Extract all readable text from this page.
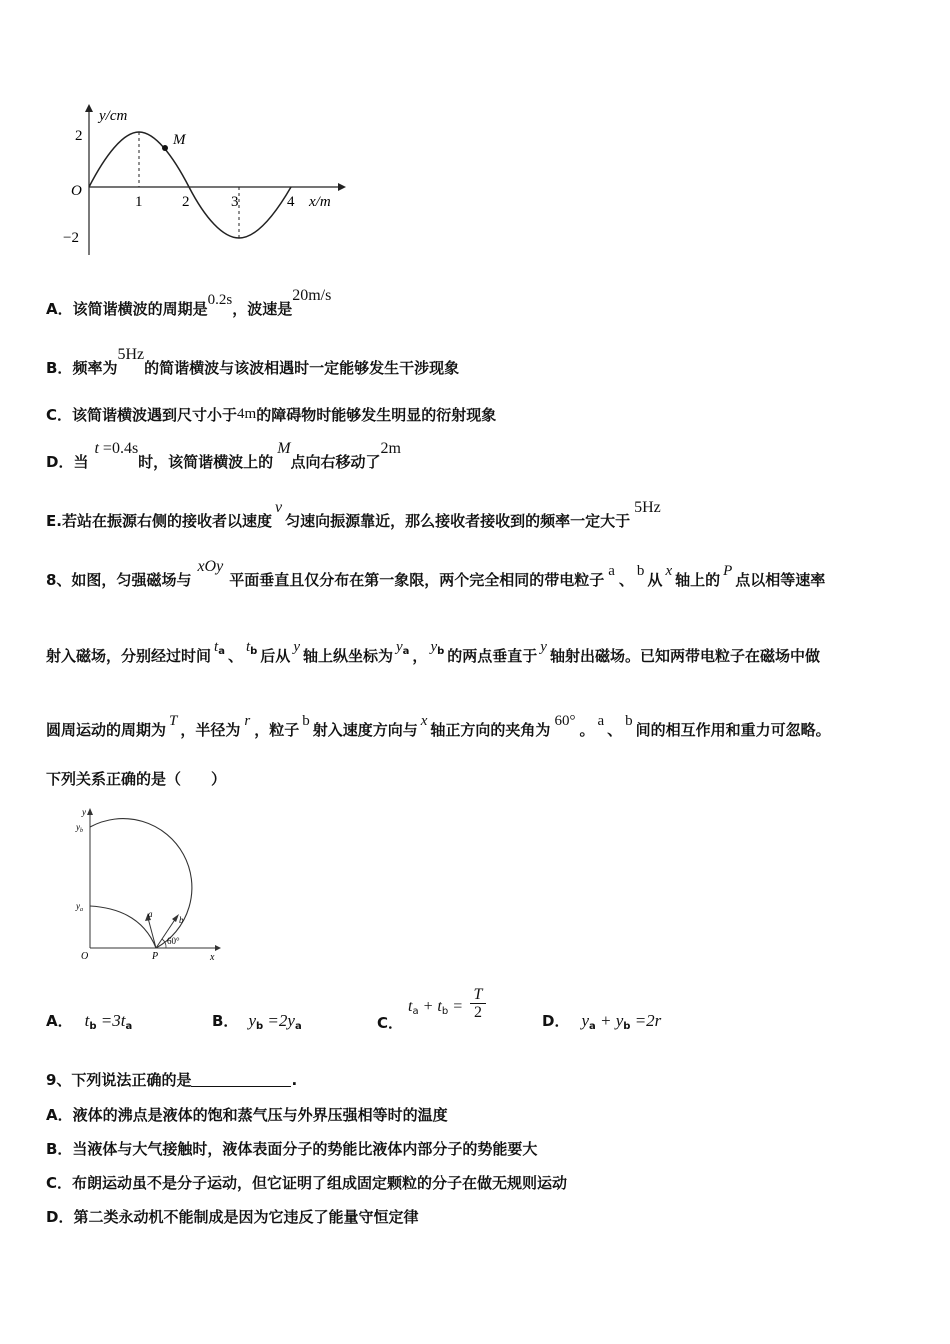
y/cm
x/m
O
M
2
−2
1	2	3	4
A．该简谐横波的周期是0.2s，波速是20m/s
B．频率为5Hz的简谐横波与该波相遇时一定能够发生干涉现象
C．该简谐横波遇到尺寸小于4m的障碍物时能够发生明显的衍射现象
D．当t =0.4s时，该简谐横波上的M点向右移动了2m
E.若站在振源右侧的接收者以速度v匀速向振源靠近，那么接收者接收到的频率一定大于5Hz
8、如图，匀强磁场与xOy平面垂直且仅分布在第一象限，两个完全相同的带电粒子 a 、 b 从 x 轴上的 P 点以相等速率
射入磁场，分别经过时间 $t_a$ 、 $t_b$ 后从 y 轴上纵坐标为 $y_a$ ， $y_b$ 的两点垂直于 y 轴射出磁场。已知两带电粒子在磁场中做
圆周运动的周期为 T ，半径为 r ，粒子 b 射入速度方向与 x 轴正方向的夹角为 60° 。 a 、 b 间的相互作用和重力可忽略。
下列关系正确的是（　　）
y
x
O	P
$y_b$
$y_a$	a
b
60°
A． tb =3ta	B． yb =2ya	C．
ta + tb =
T
2	D． ya + yb =2r
9、下列说法正确的是	.
A．液体的沸点是液体的饱和蒸气压与外界压强相等时的温度
B．当液体与大气接触时，液体表面分子的势能比液体内部分子的势能要大
C．布朗运动虽不是分子运动，但它证明了组成固定颗粒的分子在做无规则运动
D．第二类永动机不能制成是因为它违反了能量守恒定律
